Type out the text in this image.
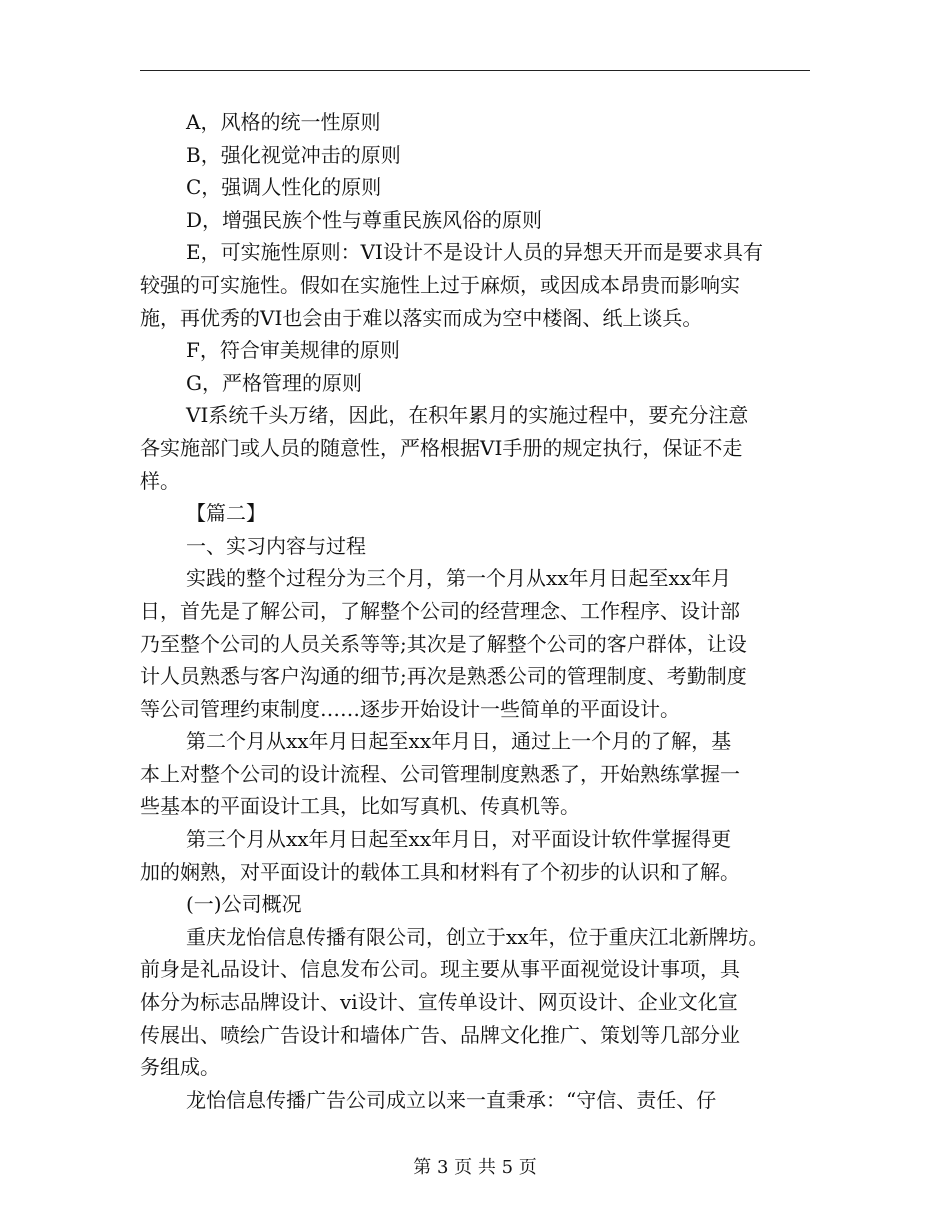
A，风格的统一性原则
B，强化视觉冲击的原则
C，强调人性化的原则
D，增强民族个性与尊重民族风俗的原则
E，可实施性原则：VI设计不是设计人员的异想天开而是要求具有
较强的可实施性。假如在实施性上过于麻烦，或因成本昂贵而影响实
施，再优秀的VI也会由于难以落实而成为空中楼阁、纸上谈兵。
F，符合审美规律的原则
G，严格管理的原则
VI系统千头万绪，因此，在积年累月的实施过程中，要充分注意
各实施部门或人员的随意性，严格根据VI手册的规定执行，保证不走
样。
【篇二】
一、实习内容与过程
实践的整个过程分为三个月，第一个月从xx年月日起至xx年月
日，首先是了解公司，了解整个公司的经营理念、工作程序、设计部
乃至整个公司的人员关系等等;其次是了解整个公司的客户群体，让设
计人员熟悉与客户沟通的细节;再次是熟悉公司的管理制度、考勤制度
等公司管理约束制度……逐步开始设计一些简单的平面设计。
第二个月从xx年月日起至xx年月日，通过上一个月的了解，基
本上对整个公司的设计流程、公司管理制度熟悉了，开始熟练掌握一
些基本的平面设计工具，比如写真机、传真机等。
第三个月从xx年月日起至xx年月日，对平面设计软件掌握得更
加的娴熟，对平面设计的载体工具和材料有了个初步的认识和了解。
(一)公司概况
重庆龙怡信息传播有限公司，创立于xx年，位于重庆江北新牌坊。
前身是礼品设计、信息发布公司。现主要从事平面视觉设计事项，具
体分为标志品牌设计、vi设计、宣传单设计、网页设计、企业文化宣
传展出、喷绘广告设计和墙体广告、品牌文化推广、策划等几部分业
务组成。
龙怡信息传播广告公司成立以来一直秉承：“守信、责任、仔
第 3 页 共 5 页
